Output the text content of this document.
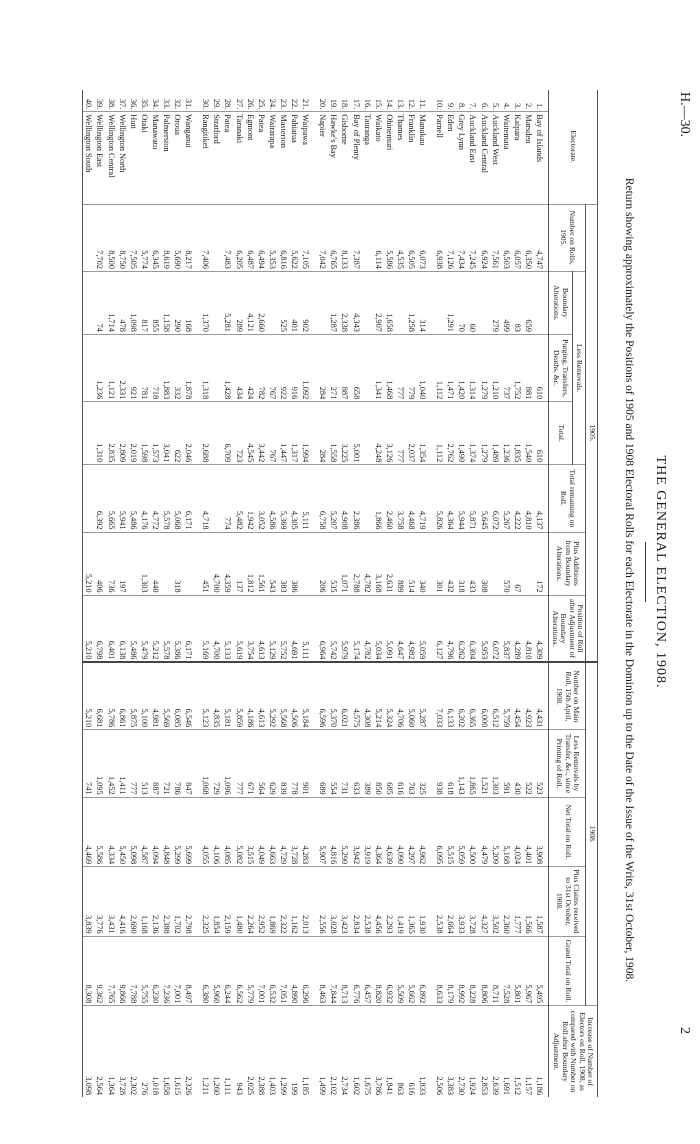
H.—30.
2
THE GENERAL ELECTION, 1908.
Return showing approximately the Positions of 1905 and 1908 Electoral Rolls for each Electorate in the Dominion up to the Date of the Issue of the Writs, 31st October, 1908.
Electorate.		1905.							1908.					Increase of Number of Electors on Roll, 1908, as compared with Number on Roll after Boundary Adjustment.
		Number on Rolls, 1905.	Less Removals.			Total remaining on Roll.	Plus Additions from Boundary Alterations.	Position of Roll after Adjustment of Boundary Alterations.	Number on Main Roll, 15th April, 1908.	Less Removals by Transfer, &c., since Printing of Roll.	Net Total on Roll.	Plus Claims received to 31st October, 1908.	Grand Total on Roll.	
			Boundary Alterations.	Purging, Transfers, Deaths, &c.	Total.									
1.	Bay of Islands	4,747		610	610	4,137	172	4,309	4,431	523	3,908	1,587	5,495	1,186
2.	Marsden	6,350	659	881	1,540	4,810		4,810	4,923	522	4,401	1,566	5,967	1,157
3.	Kaipara	6,057	83	1,752	1,835	4,222	67	4,289	4,454	430	4,024	1,777	5,801	1,512
4.	Waitemata	6,503	499	737	1,236	5,267	570	5,837	5,759	591	5,168	2,360	7,528	1,691
5.	Auckland West	7,561	279	1,210	1,489	6,072		6,072	6,512	1,303	5,209	3,502	8,711	2,639
6.	Auckland Central	6,924		1,279	1,279	5,645	308	5,953	6,000	1,521	4,479	4,327	8,806	2,853
7.	Auckland East	7,245	60	1,314	1,374	5,871	433	6,304	6,365	1,865	4,500	3,728	8,228	1,924
8.	Grey Lynn	7,434	70	1,420	1,490	5,944	318	6,262	6,202	1,143	5,059	3,933	8,992	2,730
9.	Eden	7,126	1,291	1,471	2,762	4,364	432	4,796	6,133	618	5,515	2,664	8,179	3,383
10.	Parnell	6,938		1,112	1,112	5,826	301	6,127	7,033	938	6,095	2,538	8,633	2,506
11.	Manukau	6,073	314	1,040	1,354	4,719	340	5,059	5,287	325	4,962	1,930	6,892	1,833
12.	Franklin	6,505	1,258	779	2,037	4,468	514	4,982	5,060	763	4,297	1,365	5,662	616
13.	Thames	4,535		777	777	3,758	889	4,647	4,706	616	4,090	1,419	5,509	863
14.	Ohinemuri	5,586	1,658	1,468	3,126	2,460	2,631	5,091	5,324	685	4,639	2,293	6,932	1,841
15.	Waikato	6,114	2,907	1,341	4,248	1,866	3,168	5,034	5,214	850	4,364	4,456	8,820	3,786
16.	Tauranga						4,782	4,782	4,308	389	3,919	2,538	6,457	1,675
17.	Bay of Plenty	7,387	4,343	658	5,001	2,386	2,788	5,174	4,575	633	3,942	2,834	6,776	1,602
18.	Gisborne	8,133	2,338	887	3,225	4,908	1,071	5,979	6,021	731	5,290	3,423	8,713	2,734
19.	Hawke's Bay	6,765	1,287	271	1,558	5,207	535	5,742	5,370	554	4,816	3,028	7,844	2,102
20.	Napier	7,042		284	284	6,758	206	6,964	6,596	689	5,907	2,556	8,463	1,499
21.	Waipawa	7,105	902	1,092	1,994	5,111		5,111	5,184	901	4,283	2,013	6,296	1,185
22.	Pahiatua	5,622	401	916	1,317	4,305	386	4,691	4,506	778	3,728	1,162	4,890	199
23.	Masterton	6,816	525	922	1,447	5,369	383	5,752	5,568	839	4,729	2,322	7,051	1,299
24.	Wairarapa	5,353		767	767	4,586	543	5,129	5,292	629	4,663	1,869	6,532	1,403
25.	Patea	6,494	2,660	782	3,442	3,052	1,561	4,613	4,613	564	4,049	2,952	7,001	2,388
26.	Egmont	6,487	4,121	424	4,545	1,942	1,812	3,754	4,186	671	3,515	2,264	5,779	2,025
27.	Taranaki	6,205	289	434	723	5,482	137	5,619	5,859	777	5,082	1,480	6,562	943
28.	Patea	7,483	5,281	1,428	6,709	774	4,359	5,133	5,181	1,096	4,085	2,159	6,244	1,111
29.	Stratford						4,700	4,700	4,835	729	4,106	1,854	5,960	1,260
30.	Rangitikei	7,406	1,370	1,318	2,688	4,718	451	5,169	5,123	1,068	4,055	2,325	6,380	1,211
31.	Wanganui	8,217	168	1,878	2,046	6,171		6,171	6,546	847	5,699	2,798	8,497	2,326
32.	Oroua	5,690	290	332	622	5,068	318	5,386	6,085	786	5,299	1,702	7,001	1,615
33.	Palmerston	8,619	1,158	1,883	3,041	5,578		5,578	5,569	721	4,848	2,388	7,236	1,658
34.	Manawatu	6,345	855	718	1,573	4,772	440	5,212	4,981	887	4,094	2,136	6,230	1,018
35.	Otaki	5,774	817	781	1,598	4,176	1,303	5,479	5,100	513	4,587	1,168	5,755	276
36.	Hutt	7,505	1,098	921	2,019	5,486		5,486	5,875	777	5,098	2,690	7,788	2,302
37.	Wellington North	8,750	478	2,331	2,809	5,941	197	6,138	6,861	1,411	5,450	4,416	9,866	3,728
38.	Wellington Central	8,500	1,714	1,121	2,835	5,665	736	6,401	5,786	1,452	4,334	3,431	7,765	1,364
39.	Wellington East	7,702	74	1,236	1,310	6,392	406	6,798	6,681	1,095	5,586	3,776	9,362	2,564
40.	Wellington South						5,210	5,210	5,210	741	4,469	3,839	8,308	3,098
